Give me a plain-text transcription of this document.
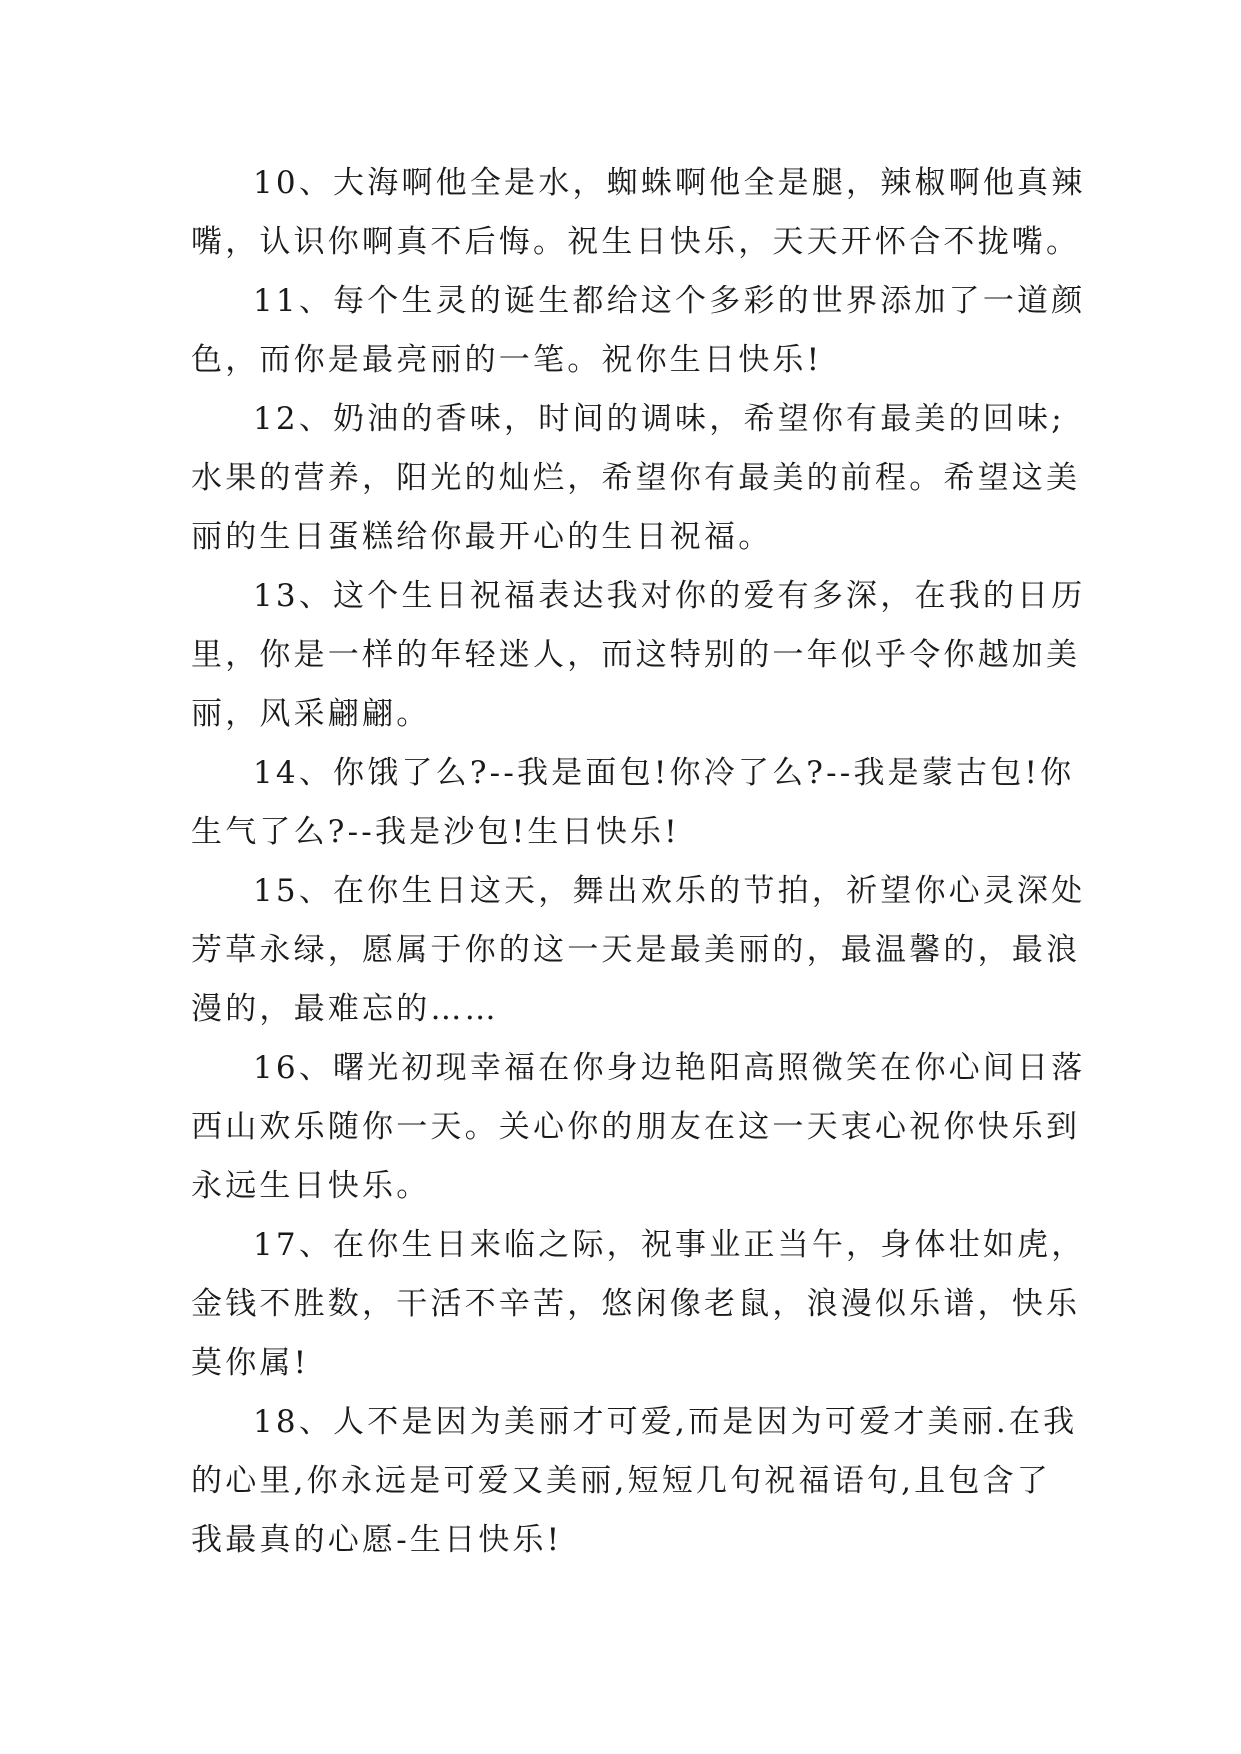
10、大海啊他全是水，蜘蛛啊他全是腿，辣椒啊他真辣
嘴，认识你啊真不后悔。祝生日快乐，天天开怀合不拢嘴。
11、每个生灵的诞生都给这个多彩的世界添加了一道颜
色，而你是最亮丽的一笔。祝你生日快乐!
12、奶油的香味，时间的调味，希望你有最美的回味;
水果的营养，阳光的灿烂，希望你有最美的前程。希望这美
丽的生日蛋糕给你最开心的生日祝福。
13、这个生日祝福表达我对你的爱有多深，在我的日历
里，你是一样的年轻迷人，而这特别的一年似乎令你越加美
丽，风采翩翩。
14、你饿了么?--我是面包!你冷了么?--我是蒙古包!你
生气了么?--我是沙包!生日快乐!
15、在你生日这天，舞出欢乐的节拍，祈望你心灵深处
芳草永绿，愿属于你的这一天是最美丽的，最温馨的，最浪
漫的，最难忘的……
16、曙光初现幸福在你身边艳阳高照微笑在你心间日落
西山欢乐随你一天。关心你的朋友在这一天衷心祝你快乐到
永远生日快乐。
17、在你生日来临之际，祝事业正当午，身体壮如虎，
金钱不胜数，干活不辛苦，悠闲像老鼠，浪漫似乐谱，快乐
莫你属!
18、人不是因为美丽才可爱,而是因为可爱才美丽.在我
的心里,你永远是可爱又美丽,短短几句祝福语句,且包含了
我最真的心愿-生日快乐!
